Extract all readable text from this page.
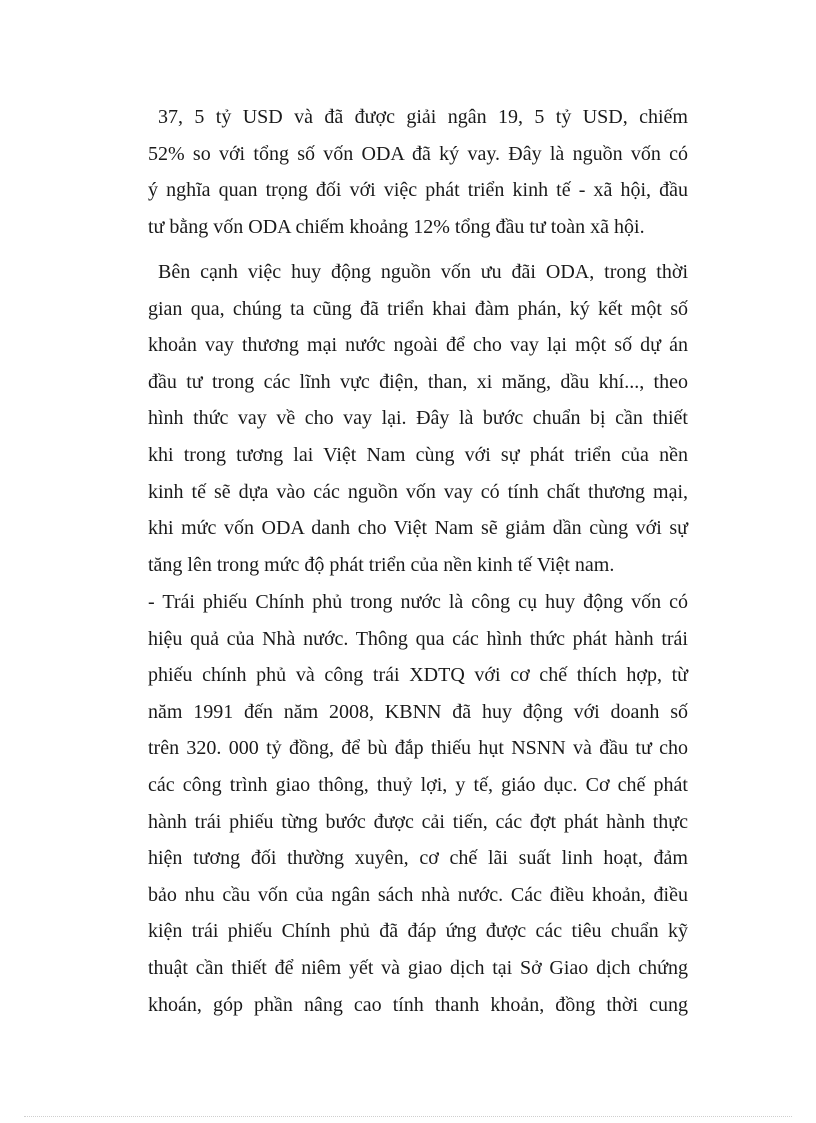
37, 5 tỷ USD và đã được giải ngân 19, 5 tỷ USD, chiếm
52% so với tổng số vốn ODA đã ký vay. Đây là nguồn vốn có
ý nghĩa quan trọng đối với việc phát triển kinh tế - xã hội, đầu
tư bằng vốn ODA chiếm khoảng 12% tổng đầu tư toàn xã hội.
Bên cạnh việc huy động nguồn vốn ưu đãi ODA, trong thời
gian qua, chúng ta cũng đã triển khai đàm phán, ký kết một số
khoản vay thương mại nước ngoài để cho vay lại một số dự án
đầu tư trong các lĩnh vực điện, than, xi măng, dầu khí..., theo
hình thức vay về cho vay lại. Đây là bước chuẩn bị cần thiết
khi trong tương lai Việt Nam cùng với sự phát triển của nền
kinh tế sẽ dựa vào các nguồn vốn vay có tính chất thương mại,
khi mức vốn ODA danh cho Việt Nam sẽ giảm dần cùng với sự
tăng lên trong mức độ phát triển của nền kinh tế Việt nam.
- Trái phiếu Chính phủ trong nước là công cụ huy động vốn có
hiệu quả của Nhà nước. Thông qua các hình thức phát hành trái
phiếu chính phủ và công trái XDTQ với cơ chế thích hợp, từ
năm 1991 đến năm 2008, KBNN đã huy động với doanh số
trên 320. 000 tỷ đồng, để bù đắp thiếu hụt NSNN và đầu tư cho
các công trình giao thông, thuỷ lợi, y tế, giáo dục. Cơ chế phát
hành trái phiếu từng bước được cải tiến, các đợt phát hành thực
hiện tương đối thường xuyên, cơ chế lãi suất linh hoạt, đảm
bảo nhu cầu vốn của ngân sách nhà nước. Các điều khoản, điều
kiện trái phiếu Chính phủ đã đáp ứng được các tiêu chuẩn kỹ
thuật cần thiết để niêm yết và giao dịch tại Sở Giao dịch chứng
khoán, góp phần nâng cao tính thanh khoản, đồng thời cung
